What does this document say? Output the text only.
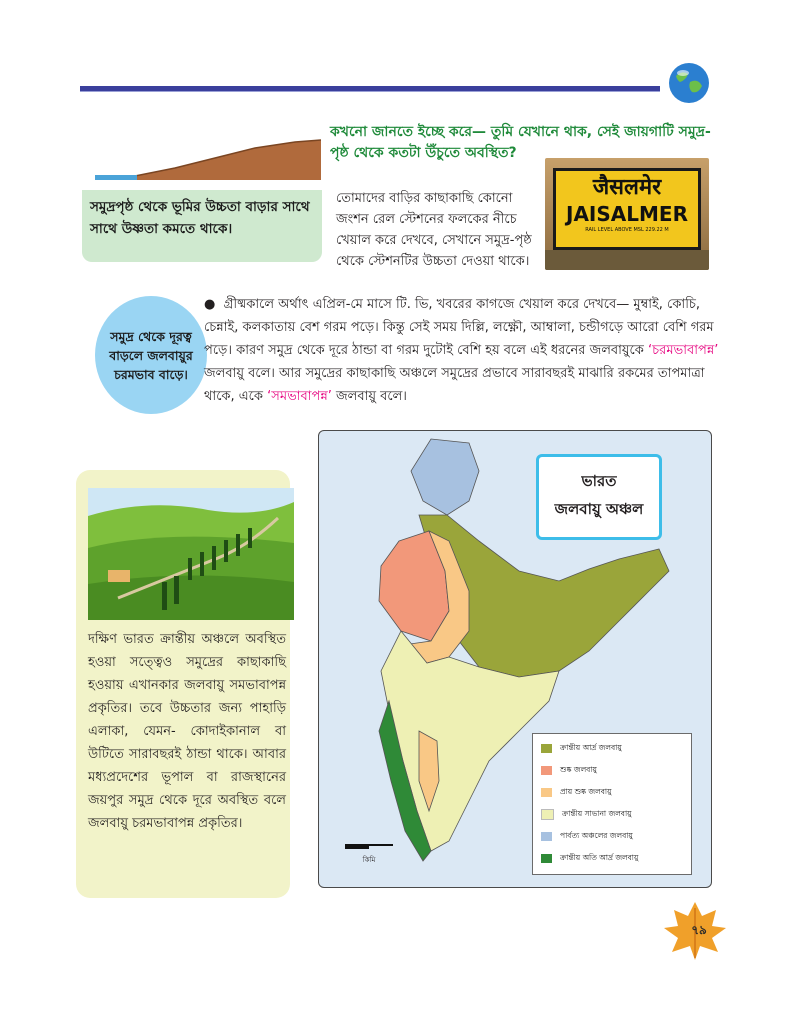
সমুদ্রপৃষ্ঠ থেকে ভূমির উচ্চতা বাড়ার সাথে সাথে উষ্ণতা কমতে থাকে।
কখনো জানতে ইচ্ছে করে— তুমি যেখানে থাক, সেই জায়গাটি সমুদ্র-পৃষ্ঠ থেকে কতটা উঁচুতে অবস্থিত?
তোমাদের বাড়ির কাছাকাছি কোনো জংশন রেল স্টেশনের ফলকের নীচে খেয়াল করে দেখবে, সেখানে সমুদ্র-পৃষ্ঠ থেকে স্টেশনটির উচ্চতা দেওয়া থাকে।
जैसलमेर
JAISALMER
RAIL LEVEL ABOVE MSL 229.22 M
সমুদ্র থেকে দূরত্ব বাড়লে জলবায়ুর চরমভাব বাড়ে।
●  গ্রীষ্মকালে অর্থাৎ এপ্রিল-মে মাসে টি. ভি, খবরের কাগজে খেয়াল করে দেখবে— মুম্বাই, কোচি, চেন্নাই, কলকাতায় বেশ গরম পড়ে। কিন্তু সেই সময় দিল্লি, লক্ষ্ণৌ, আম্বালা, চন্ডীগড়ে আরো বেশি গরম পড়ে। কারণ সমুদ্র থেকে দূরে ঠান্ডা বা গরম দুটোই বেশি হয় বলে এই ধরনের জলবায়ুকে ‘চরমভাবাপন্ন’ জলবায়ু বলে। আর সমুদ্রের কাছাকাছি অঞ্চলে সমুদ্রের প্রভাবে সারাবছরই মাঝারি রকমের তাপমাত্রা থাকে, একে ‘সমভাবাপন্ন’ জলবায়ু বলে।
দক্ষিণ ভারত ক্রান্তীয় অঞ্চলে অবস্থিত হওয়া সত্ত্বেও সমুদ্রের কাছাকাছি হওয়ায় এখানকার জলবায়ু সমভাবাপন্ন প্রকৃতির। তবে উচ্চতার জন্য পাহাড়ি এলাকা, যেমন- কোদাইকানাল বা উটিতে সারাবছরই ঠান্ডা থাকে। আবার মধ্যপ্রদেশের ভূপাল বা রাজস্থানের জয়পুর সমুদ্র থেকে দূরে অবস্থিত বলে জলবায়ু চরমভাবাপন্ন প্রকৃতির।
ভারত
জলবায়ু অঞ্চল
ক্রান্তীয় আর্দ্র জলবায়ু
শুষ্ক জলবায়ু
প্রায় শুষ্ক জলবায়ু
ক্রান্তীয় সাভানা জলবায়ু
পার্বত্য অঞ্চলের জলবায়ু
ক্রান্তীয় অতি আর্দ্র জলবায়ু
কিমি
৭৯
